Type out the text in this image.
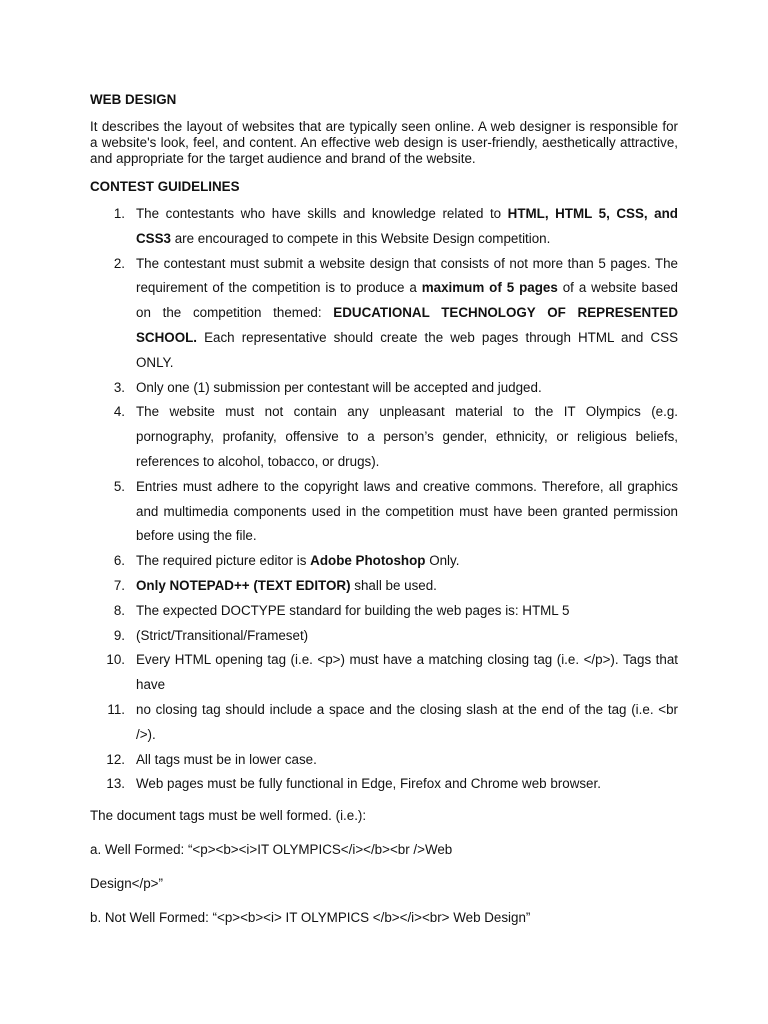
WEB DESIGN
It describes the layout of websites that are typically seen online. A web designer is responsible for a website's look, feel, and content. An effective web design is user-friendly, aesthetically attractive, and appropriate for the target audience and brand of the website.
CONTEST GUIDELINES
1. The contestants who have skills and knowledge related to HTML, HTML 5, CSS, and CSS3 are encouraged to compete in this Website Design competition.
2. The contestant must submit a website design that consists of not more than 5 pages. The requirement of the competition is to produce a maximum of 5 pages of a website based on the competition themed: EDUCATIONAL TECHNOLOGY OF REPRESENTED SCHOOL. Each representative should create the web pages through HTML and CSS ONLY.
3. Only one (1) submission per contestant will be accepted and judged.
4. The website must not contain any unpleasant material to the IT Olympics (e.g. pornography, profanity, offensive to a person’s gender, ethnicity, or religious beliefs, references to alcohol, tobacco, or drugs).
5. Entries must adhere to the copyright laws and creative commons. Therefore, all graphics and multimedia components used in the competition must have been granted permission before using the file.
6. The required picture editor is Adobe Photoshop Only.
7. Only NOTEPAD++ (TEXT EDITOR) shall be used.
8. The expected DOCTYPE standard for building the web pages is: HTML 5
9. (Strict/Transitional/Frameset)
10. Every HTML opening tag (i.e. <p>) must have a matching closing tag (i.e. </p>). Tags that have
11. no closing tag should include a space and the closing slash at the end of the tag (i.e. <br />).
12. All tags must be in lower case.
13. Web pages must be fully functional in Edge, Firefox and Chrome web browser.
The document tags must be well formed. (i.e.):
a. Well Formed: “<p><b><i>IT OLYMPICS</i></b><br />Web
Design</p>”
b. Not Well Formed: “<p><b><i> IT OLYMPICS </b></i><br> Web Design”
